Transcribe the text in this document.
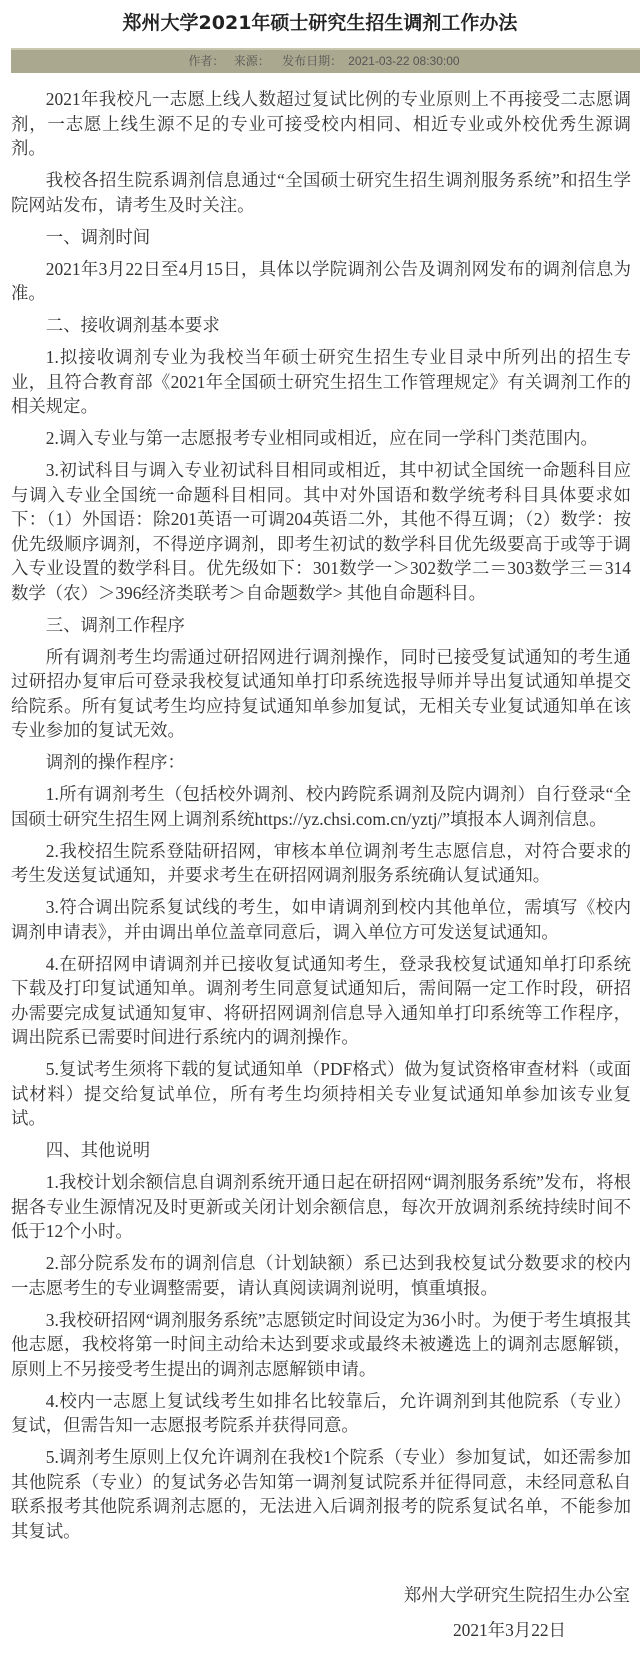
郑州大学2021年硕士研究生招生调剂工作办法
作者： 来源： 发布日期： 2021-03-22 08:30:00

2021年我校凡一志愿上线人数超过复试比例的专业原则上不再接受二志愿调剂，一志愿上线生源不足的专业可接受校内相同、相近专业或外校优秀生源调剂。

我校各招生院系调剂信息通过“全国硕士研究生招生调剂服务系统”和招生学院网站发布，请考生及时关注。

一、调剂时间

2021年3月22日至4月15日，具体以学院调剂公告及调剂网发布的调剂信息为准。

二、接收调剂基本要求

1.拟接收调剂专业为我校当年硕士研究生招生专业目录中所列出的招生专业，且符合教育部《2021年全国硕士研究生招生工作管理规定》有关调剂工作的相关规定。

2.调入专业与第一志愿报考专业相同或相近，应在同一学科门类范围内。

3.初试科目与调入专业初试科目相同或相近，其中初试全国统一命题科目应与调入专业全国统一命题科目相同。其中对外国语和数学统考科目具体要求如下：（1）外国语：除201英语一可调204英语二外，其他不得互调；（2）数学：按优先级顺序调剂，不得逆序调剂，即考生初试的数学科目优先级要高于或等于调入专业设置的数学科目。优先级如下：301数学一＞302数学二＝303数学三＝314数学（农）＞396经济类联考＞自命题数学> 其他自命题科目。

三、调剂工作程序

所有调剂考生均需通过研招网进行调剂操作，同时已接受复试通知的考生通过研招办复审后可登录我校复试通知单打印系统选报导师并导出复试通知单提交给院系。所有复试考生均应持复试通知单参加复试，无相关专业复试通知单在该专业参加的复试无效。

调剂的操作程序：

1.所有调剂考生（包括校外调剂、校内跨院系调剂及院内调剂）自行登录“全国硕士研究生招生网上调剂系统https://yz.chsi.com.cn/yztj/”填报本人调剂信息。

2.我校招生院系登陆研招网，审核本单位调剂考生志愿信息，对符合要求的考生发送复试通知，并要求考生在研招网调剂服务系统确认复试通知。

3.符合调出院系复试线的考生，如申请调剂到校内其他单位，需填写《校内调剂申请表》，并由调出单位盖章同意后，调入单位方可发送复试通知。

4.在研招网申请调剂并已接收复试通知考生，登录我校复试通知单打印系统下载及打印复试通知单。调剂考生同意复试通知后，需间隔一定工作时段，研招办需要完成复试通知复审、将研招网调剂信息导入通知单打印系统等工作程序，调出院系已需要时间进行系统内的调剂操作。

5.复试考生须将下载的复试通知单（PDF格式）做为复试资格审查材料（或面试材料）提交给复试单位，所有考生均须持相关专业复试通知单参加该专业复试。

四、其他说明

1.我校计划余额信息自调剂系统开通日起在研招网“调剂服务系统”发布，将根据各专业生源情况及时更新或关闭计划余额信息，每次开放调剂系统持续时间不低于12个小时。

2.部分院系发布的调剂信息（计划缺额）系已达到我校复试分数要求的校内一志愿考生的专业调整需要，请认真阅读调剂说明，慎重填报。

3.我校研招网“调剂服务系统”志愿锁定时间设定为36小时。为便于考生填报其他志愿，我校将第一时间主动给未达到要求或最终未被遴选上的调剂志愿解锁，原则上不另接受考生提出的调剂志愿解锁申请。

4.校内一志愿上复试线考生如排名比较靠后，允许调剂到其他院系（专业）复试，但需告知一志愿报考院系并获得同意。

5.调剂考生原则上仅允许调剂在我校1个院系（专业）参加复试，如还需参加其他院系（专业）的复试务必告知第一调剂复试院系并征得同意，未经同意私自联系报考其他院系调剂志愿的，无法进入后调剂报考的院系复试名单，不能参加其复试。

郑州大学研究生院招生办公室
2021年3月22日
